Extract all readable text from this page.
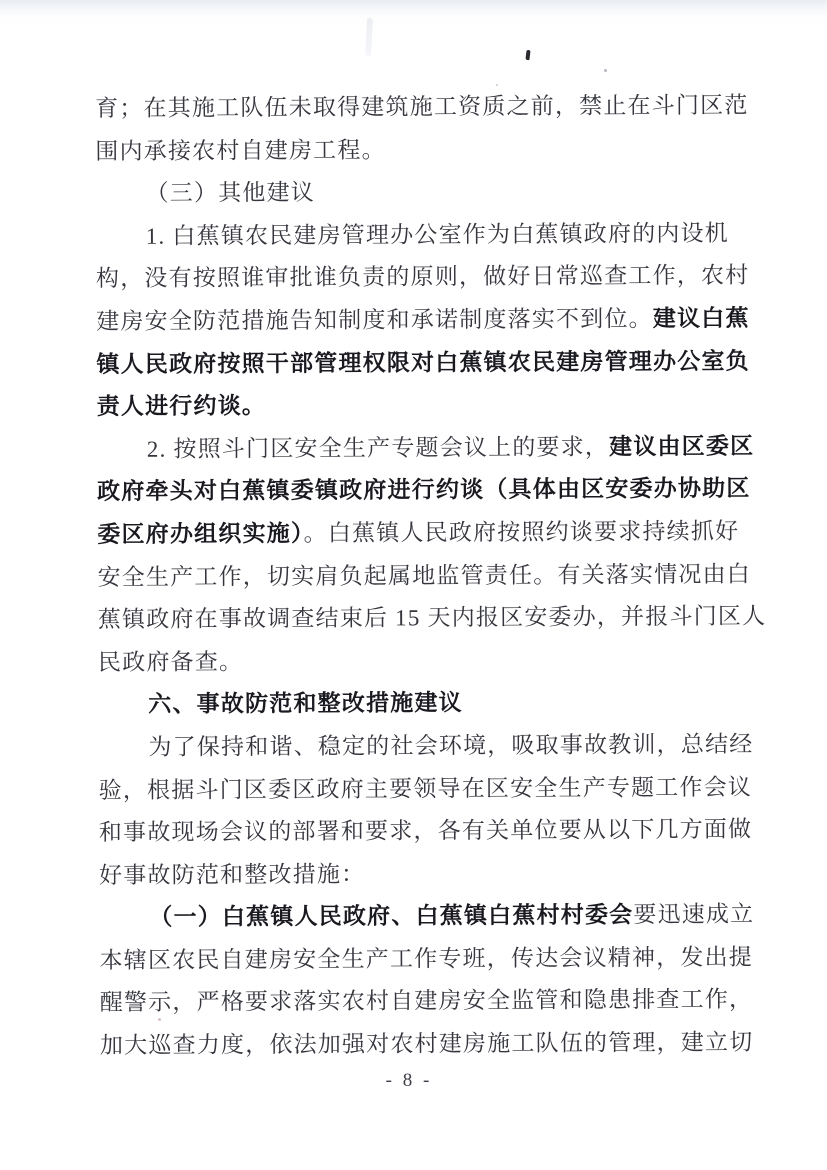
育；在其施工队伍未取得建筑施工资质之前，禁止在斗门区范
围内承接农村自建房工程。
（三）其他建议
1. 白蕉镇农民建房管理办公室作为白蕉镇政府的内设机
构，没有按照谁审批谁负责的原则，做好日常巡查工作，农村
建房安全防范措施告知制度和承诺制度落实不到位。建议白蕉
镇人民政府按照干部管理权限对白蕉镇农民建房管理办公室负
责人进行约谈。
2. 按照斗门区安全生产专题会议上的要求，建议由区委区
政府牵头对白蕉镇委镇政府进行约谈（具体由区安委办协助区
委区府办组织实施）。白蕉镇人民政府按照约谈要求持续抓好
安全生产工作，切实肩负起属地监管责任。有关落实情况由白
蕉镇政府在事故调查结束后 15 天内报区安委办，并报斗门区人
民政府备查。
六、事故防范和整改措施建议
为了保持和谐、稳定的社会环境，吸取事故教训，总结经
验，根据斗门区委区政府主要领导在区安全生产专题工作会议
和事故现场会议的部署和要求，各有关单位要从以下几方面做
好事故防范和整改措施：
（一）白蕉镇人民政府、白蕉镇白蕉村村委会要迅速成立
本辖区农民自建房安全生产工作专班，传达会议精神，发出提
醒警示，严格要求落实农村自建房安全监管和隐患排查工作，
加大巡查力度，依法加强对农村建房施工队伍的管理，建立切
- 8 -
